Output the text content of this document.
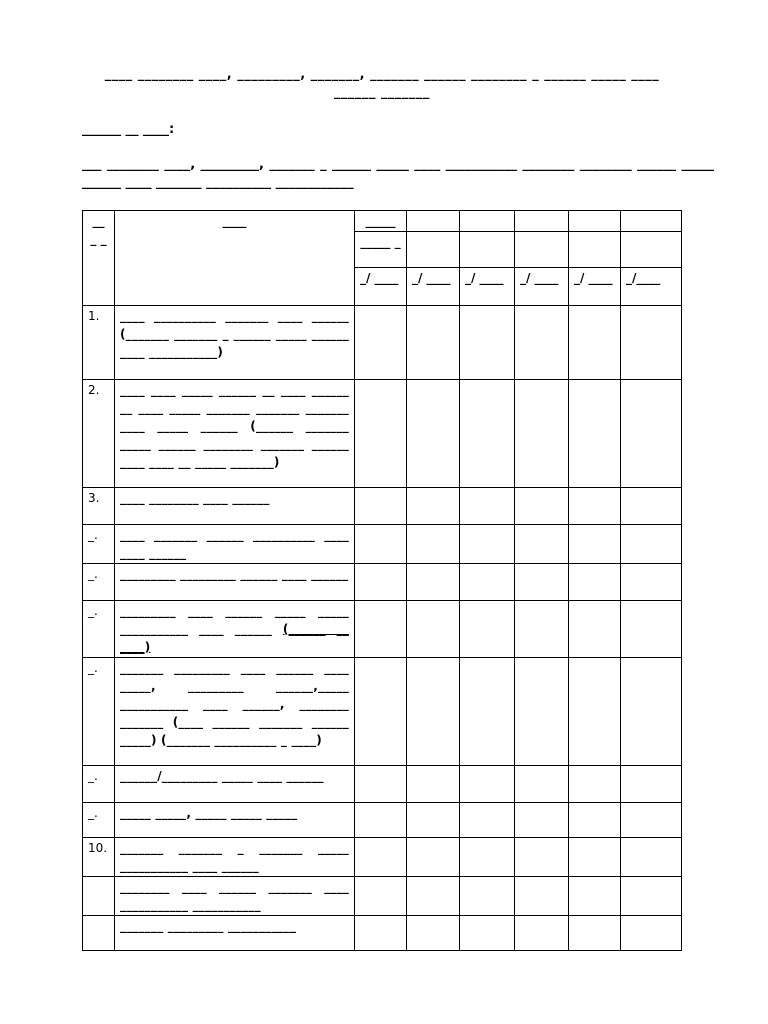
____ ________ ____, _________, _______, _______ ______ ________ _ ______ _____ ____ ______ _______
______ __ ____:
___ ________ ____, _________, _______ _ ______ _____ ____ ___________ ________ ________ ______ _____ ______ ____ _______ __________ ____________
__ _ _	____	_____					
		_____ _					
		_/ ____	_/ ____	_/ ____	_/ ____	_/ ____	_/____
1.	____ __________ _______ ____ ______ (_______ _______ _ ______ _____ ______ ____ ___________)						
2.	____ ____ _____ ______ __ ____ ______ __ ____ _____ _______ _______ _______ ____ _____ ______ (______ _______ _____ ______ ________ _______ ______ ____ ____ __ _____ _______)						
3.	____ ________ ____ ______						
_.	____ _______ ______ __________ ____ ____ ______						
_.	_________ _________ ______ ____ ______						
_.	_________ ____ ______ _____ _____ ___________ ____ ______ (______ __ ____)						
_.	_______ _________ ____ ______ ____ _____, _________ ______,_____ ___________ ____ ______, ________ _______ (____ ______ _______ ______ _____) (_______ __________ _ ____)						
_.	______/_________ _____ ____ ______						
_.	_____ _____, _____ _____ _____						
10.	_______ _______ _ _______ _____ ___________ ____ ______						
	________ ____ ______ _______ ____ ___________ ___________						
	_______ _________ ___________						
